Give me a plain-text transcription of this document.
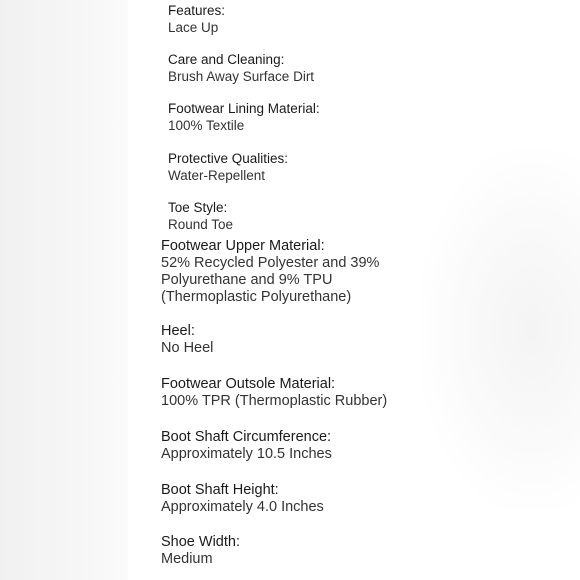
Features:
Lace Up
Care and Cleaning:
Brush Away Surface Dirt
Footwear Lining Material:
100% Textile
Protective Qualities:
Water-Repellent
Toe Style:
Round Toe
Footwear Upper Material:
52% Recycled Polyester and 39% Polyurethane and 9% TPU (Thermoplastic Polyurethane)
Heel:
No Heel
Footwear Outsole Material:
100% TPR (Thermoplastic Rubber)
Boot Shaft Circumference:
Approximately 10.5 Inches
Boot Shaft Height:
Approximately 4.0 Inches
Shoe Width:
Medium
